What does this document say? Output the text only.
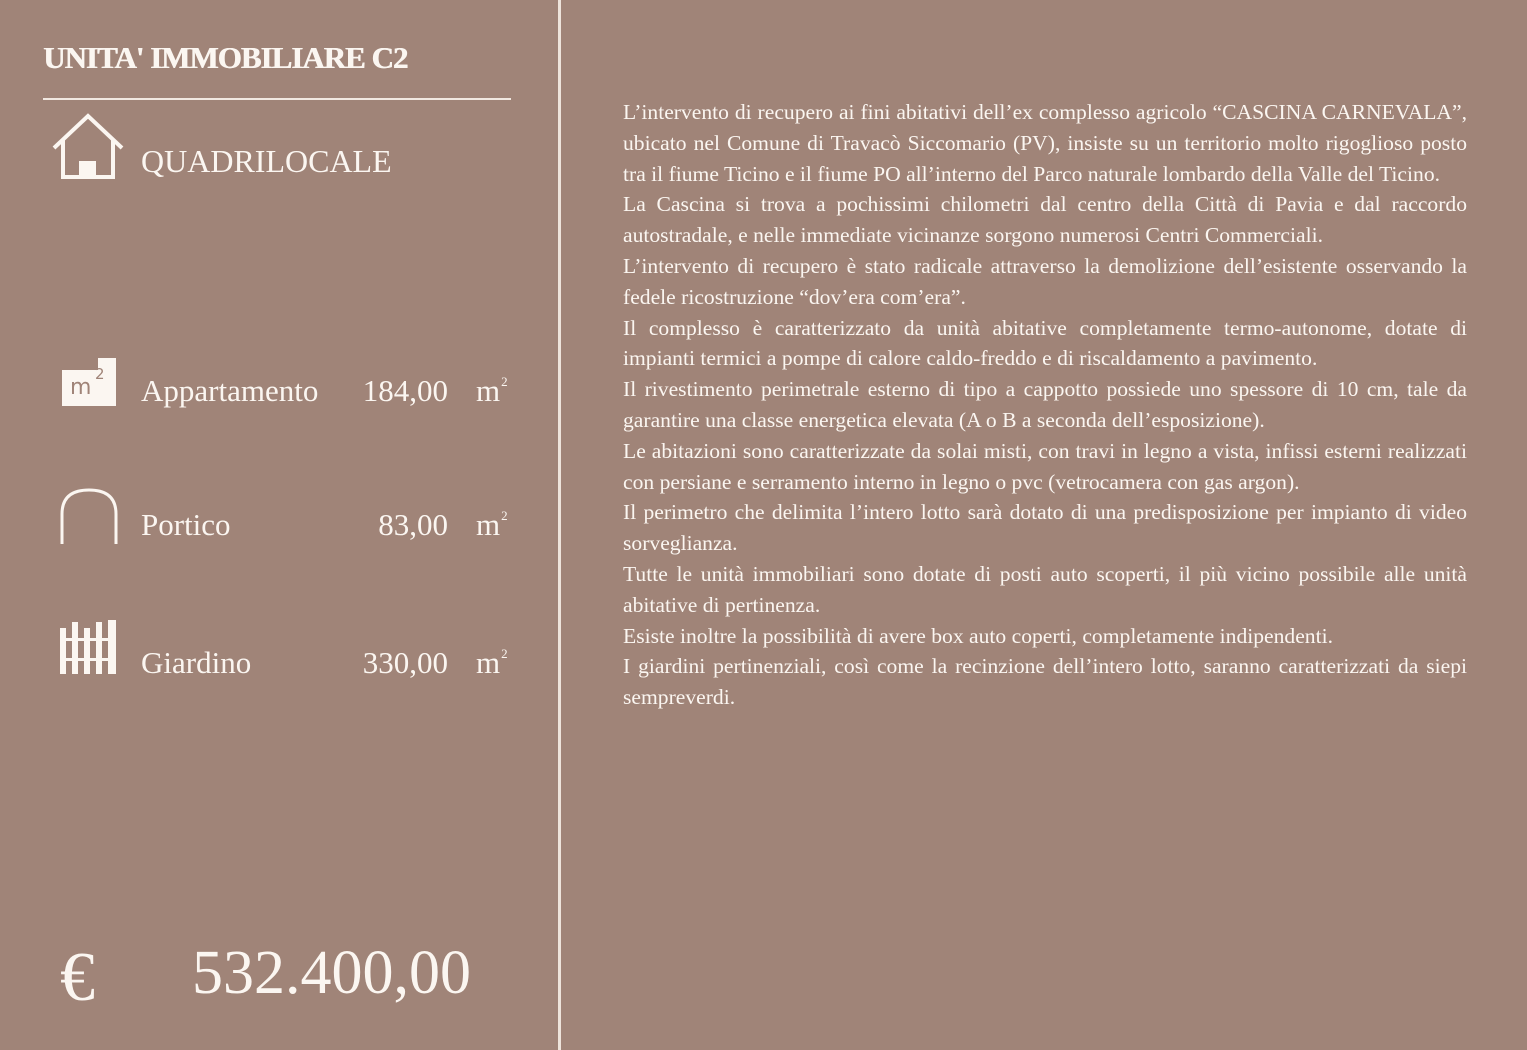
UNITA' IMMOBILIARE C2
QUADRILOCALE
m
2 Appartamento 184,00 $m^2$
Portico	83,00 $m^2$
Giardino	330,00 $m^2$
€ 532.400,00

L’intervento di recupero ai fini abitativi dell’ex complesso agricolo “CASCINA CARNEVALA”, ubicato nel Comune di Travacò Siccomario (PV), insiste su un territorio molto rigoglioso posto tra il fiume Ticino e il fiume PO all’interno del Parco naturale lombardo della Valle del Ticino.

La Cascina si trova a pochissimi chilometri dal centro della Città di Pavia e dal raccordo autostradale, e nelle immediate vicinanze sorgono numerosi Centri Commerciali.

L’intervento di recupero è stato radicale attraverso la demolizione dell’esistente osservando la fedele ricostruzione “dov’era com’era”.

Il complesso è caratterizzato da unità abitative completamente termo-autonome, dotate di impianti termici a pompe di calore caldo-freddo e di riscaldamento a pavimento.

Il rivestimento perimetrale esterno di tipo a cappotto possiede uno spessore di 10 cm, tale da garantire una classe energetica elevata (A o B a seconda dell’esposizione).

Le abitazioni sono caratterizzate da solai misti, con travi in legno a vista, infissi esterni realizzati con persiane e serramento interno in legno o pvc (vetrocamera con gas argon).

Il perimetro che delimita l’intero lotto sarà dotato di una predisposizione per impianto di video sorveglianza.

Tutte le unità immobiliari sono dotate di posti auto scoperti, il più vicino possibile alle unità abitative di pertinenza.

Esiste inoltre la possibilità di avere box auto coperti, completamente indipendenti.

I giardini pertinenziali, così come la recinzione dell’intero lotto, saranno caratterizzati da siepi sempreverdi.
